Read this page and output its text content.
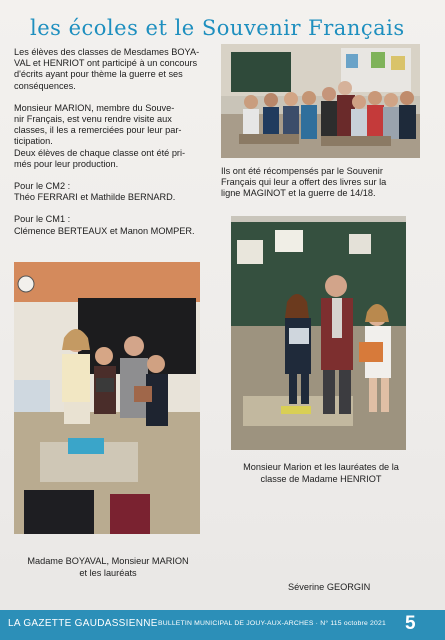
les écoles et le Souvenir Français

Les élèves des classes de Mesdames BOYA-
VAL et HENRIOT ont participé à un concours
d'écrits ayant pour thème la guerre et ses
conséquences.

Monsieur MARION, membre du Souve-
nir Français, est venu rendre visite aux
classes, il les a remerciées pour leur par-
ticipation.
Deux élèves de chaque classe ont été pri-
més pour leur production.

Pour le CM2 :

Théo FERRARI et Mathilde BERNARD.

Pour le CM1 :

Clémence BERTEAUX et Manon MOMPER.

Ils ont été récompensés par le Souvenir
Français qui leur a offert des livres sur la
ligne MAGINOT et la guerre de 14/18.

Monsieur Marion et les lauréates de la
classe de Madame HENRIOT

Madame BOYAVAL, Monsieur MARION
et les lauréats

Séverine GEORGIN
LA GAZETTE GAUDASSIENNE BULLETIN MUNICIPAL DE JOUY-AUX-ARCHES · N° 115 octobre 2021 5
